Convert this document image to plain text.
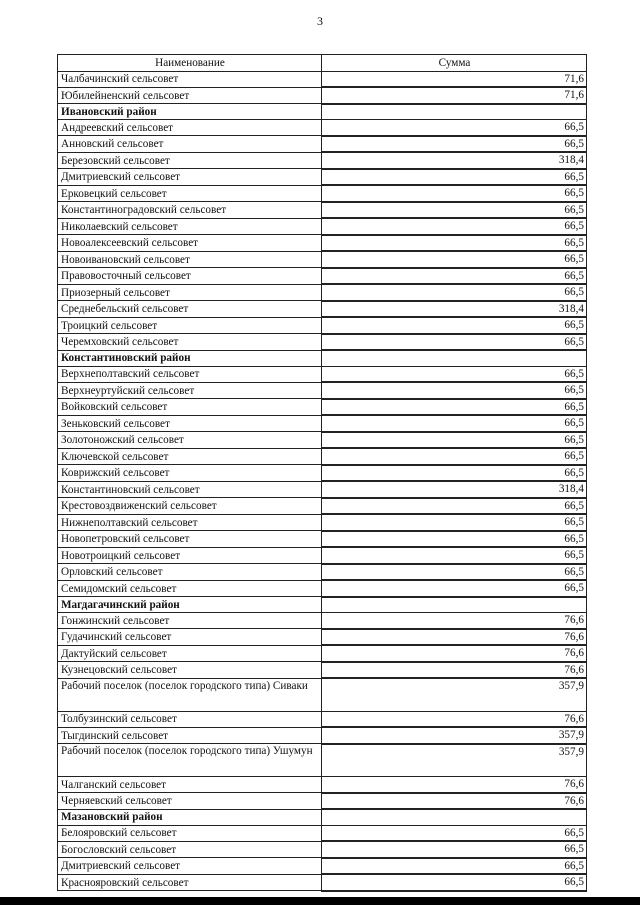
3
Наименование	Сумма
Чалбачинский сельсовет	71,6
Юбилейненский сельсовет	71,6
Ивановский район	
Андреевский сельсовет	66,5
Анновский сельсовет	66,5
Березовский сельсовет	318,4
Дмитриевский сельсовет	66,5
Ерковецкий сельсовет	66,5
Константиноградовский сельсовет	66,5
Николаевский сельсовет	66,5
Новоалексеевский сельсовет	66,5
Новоивановский сельсовет	66,5
Правовосточный сельсовет	66,5
Приозерный сельсовет	66,5
Среднебельский сельсовет	318,4
Троицкий сельсовет	66,5
Черемховский сельсовет	66,5
Константиновский район	
Верхнеполтавский сельсовет	66,5
Верхнеуртуйский сельсовет	66,5
Войковский сельсовет	66,5
Зеньковский сельсовет	66,5
Золотоножский сельсовет	66,5
Ключевской сельсовет	66,5
Коврижский сельсовет	66,5
Константиновский сельсовет	318,4
Крестовоздвиженский сельсовет	66,5
Нижнеполтавский сельсовет	66,5
Новопетровский сельсовет	66,5
Новотроицкий сельсовет	66,5
Орловский сельсовет	66,5
Семидомский сельсовет	66,5
Магдагачинский район	
Гонжинский сельсовет	76,6
Гудачинский сельсовет	76,6
Дактуйский сельсовет	76,6
Кузнецовский сельсовет	76,6
Рабочий поселок (поселок городского типа) Сиваки	357,9
Толбузинский сельсовет	76,6
Тыгдинский сельсовет	357,9
Рабочий поселок (поселок городского типа) Ушумун	357,9
Чалганский сельсовет	76,6
Черняевский сельсовет	76,6
Мазановский район	
Белояровский сельсовет	66,5
Богословский сельсовет	66,5
Дмитриевский сельсовет	66,5
Краснояровский сельсовет	66,5
